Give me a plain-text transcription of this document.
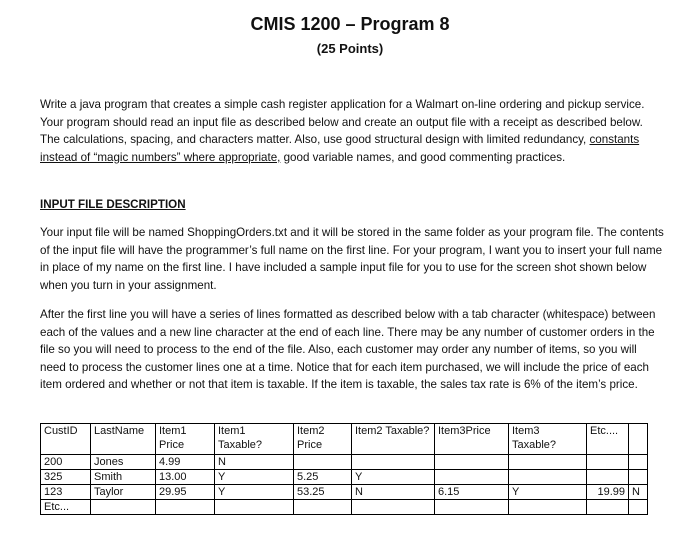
CMIS 1200 – Program 8
(25 Points)
Write a java program that creates a simple cash register application for a Walmart on-line ordering and pickup service. Your program should read an input file as described below and create an output file with a receipt as described below. The calculations, spacing, and characters matter. Also, use good structural design with limited redundancy, constants instead of “magic numbers” where appropriate, good variable names, and good commenting practices.
INPUT FILE DESCRIPTION
Your input file will be named ShoppingOrders.txt and it will be stored in the same folder as your program file. The contents of the input file will have the programmer’s full name on the first line. For your program, I want you to insert your full name in place of my name on the first line. I have included a sample input file for you to use for the screen shot shown below when you turn in your assignment.
After the first line you will have a series of lines formatted as described below with a tab character (whitespace) between each of the values and a new line character at the end of each line. There may be any number of customer orders in the file so you will need to process to the end of the file. Also, each customer may order any number of items, so you will need to process the customer lines one at a time. Notice that for each item purchased, we will include the price of each item ordered and whether or not that item is taxable. If the item is taxable, the sales tax rate is 6% of the item’s price.
CustID	LastName	Item1 Price	Item1 Taxable?	Item2 Price	Item2 Taxable?	Item3Price	Item3 Taxable?	Etc....	
200	Jones	4.99	N						
325	Smith	13.00	Y	5.25	Y				
123	Taylor	29.95	Y	53.25	N	6.15	Y	19.99	N
Etc...									
